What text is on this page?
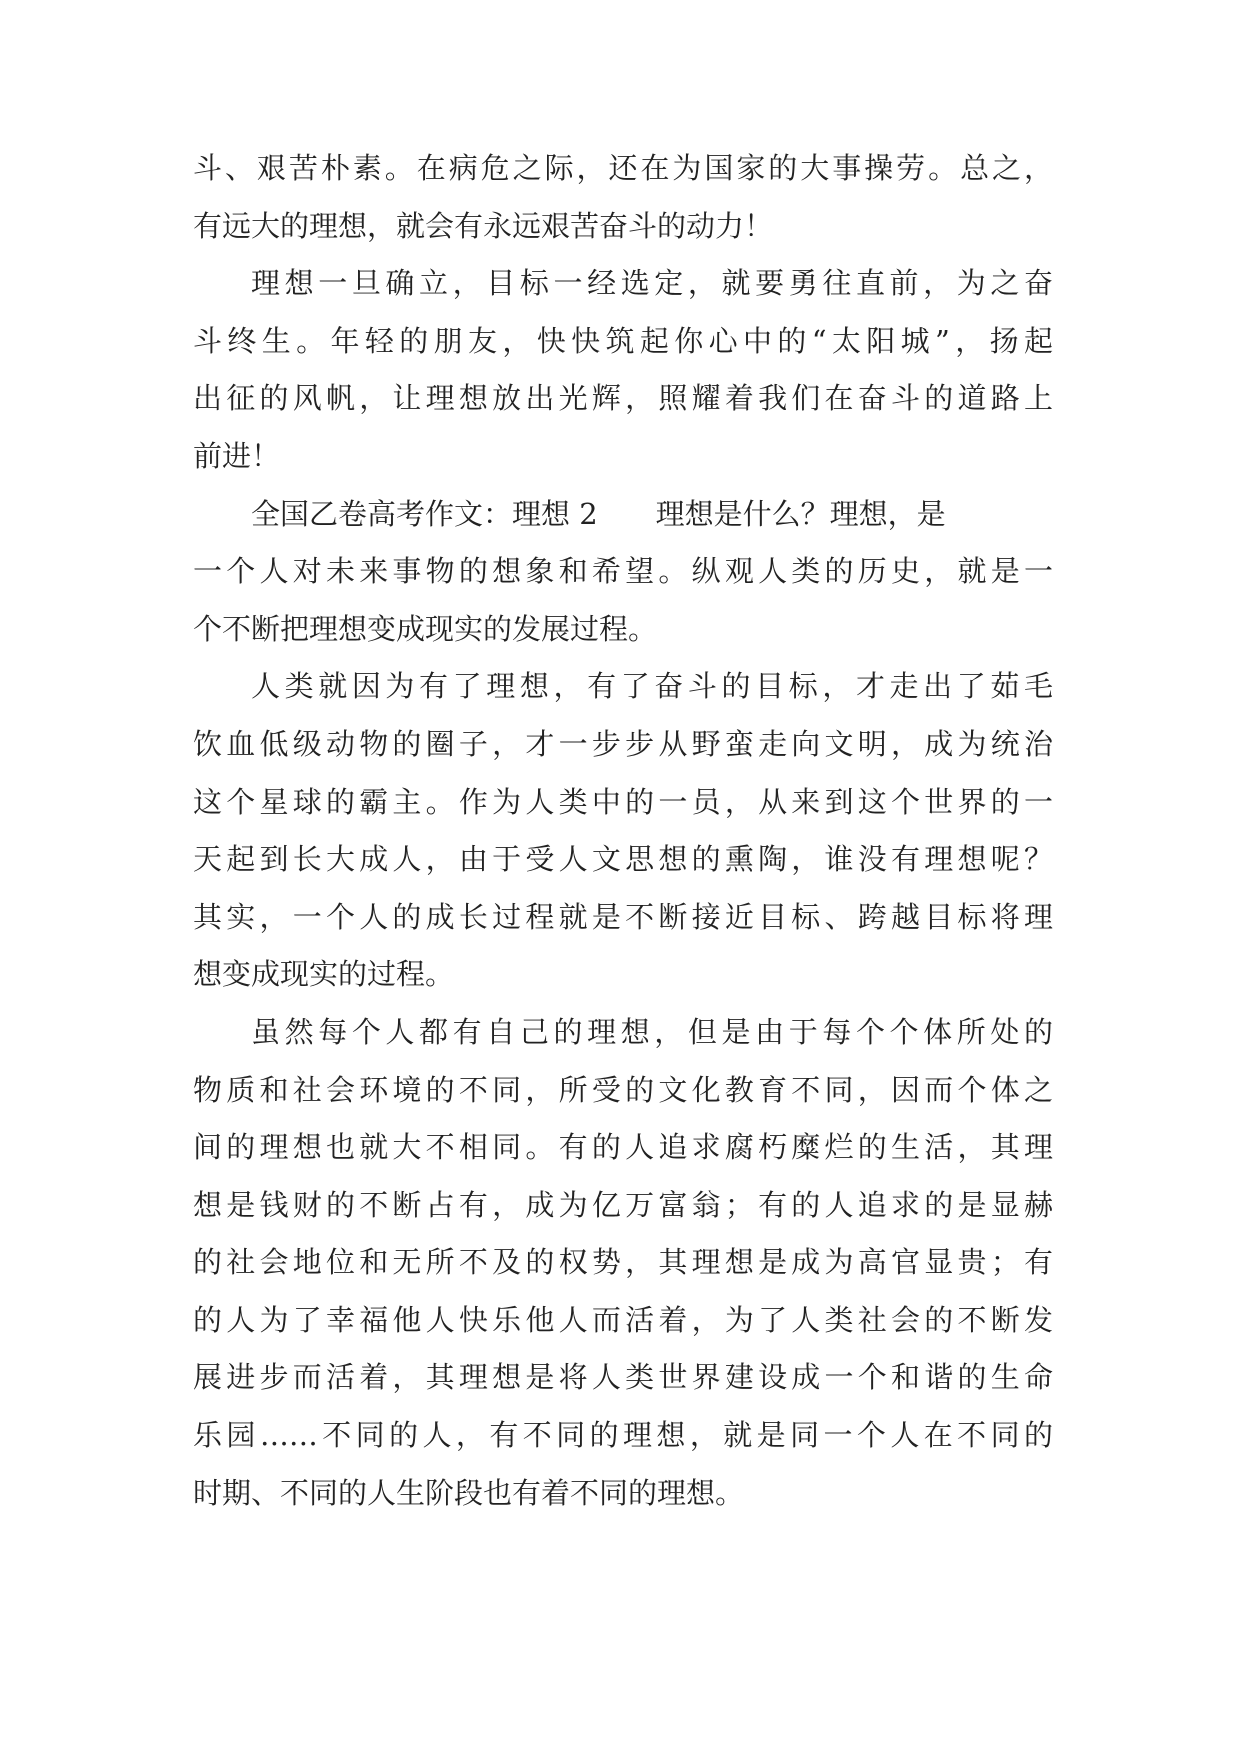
斗、艰苦朴素。在病危之际，还在为国家的大事操劳。总之，
有远大的理想，就会有永远艰苦奋斗的动力！
理想一旦确立，目标一经选定，就要勇往直前，为之奋
斗终生。年轻的朋友，快快筑起你心中的“太阳城”，扬起
出征的风帆，让理想放出光辉，照耀着我们在奋斗的道路上
前进！
全国乙卷高考作文：理想 2 理想是什么？理想，是
一个人对未来事物的想象和希望。纵观人类的历史，就是一
个不断把理想变成现实的发展过程。
人类就因为有了理想，有了奋斗的目标，才走出了茹毛
饮血低级动物的圈子，才一步步从野蛮走向文明，成为统治
这个星球的霸主。作为人类中的一员，从来到这个世界的一
天起到长大成人，由于受人文思想的熏陶，谁没有理想呢？
其实，一个人的成长过程就是不断接近目标、跨越目标将理
想变成现实的过程。
虽然每个人都有自己的理想，但是由于每个个体所处的
物质和社会环境的不同，所受的文化教育不同，因而个体之
间的理想也就大不相同。有的人追求腐朽糜烂的生活，其理
想是钱财的不断占有，成为亿万富翁；有的人追求的是显赫
的社会地位和无所不及的权势，其理想是成为高官显贵；有
的人为了幸福他人快乐他人而活着，为了人类社会的不断发
展进步而活着，其理想是将人类世界建设成一个和谐的生命
乐园……不同的人，有不同的理想，就是同一个人在不同的
时期、不同的人生阶段也有着不同的理想。
